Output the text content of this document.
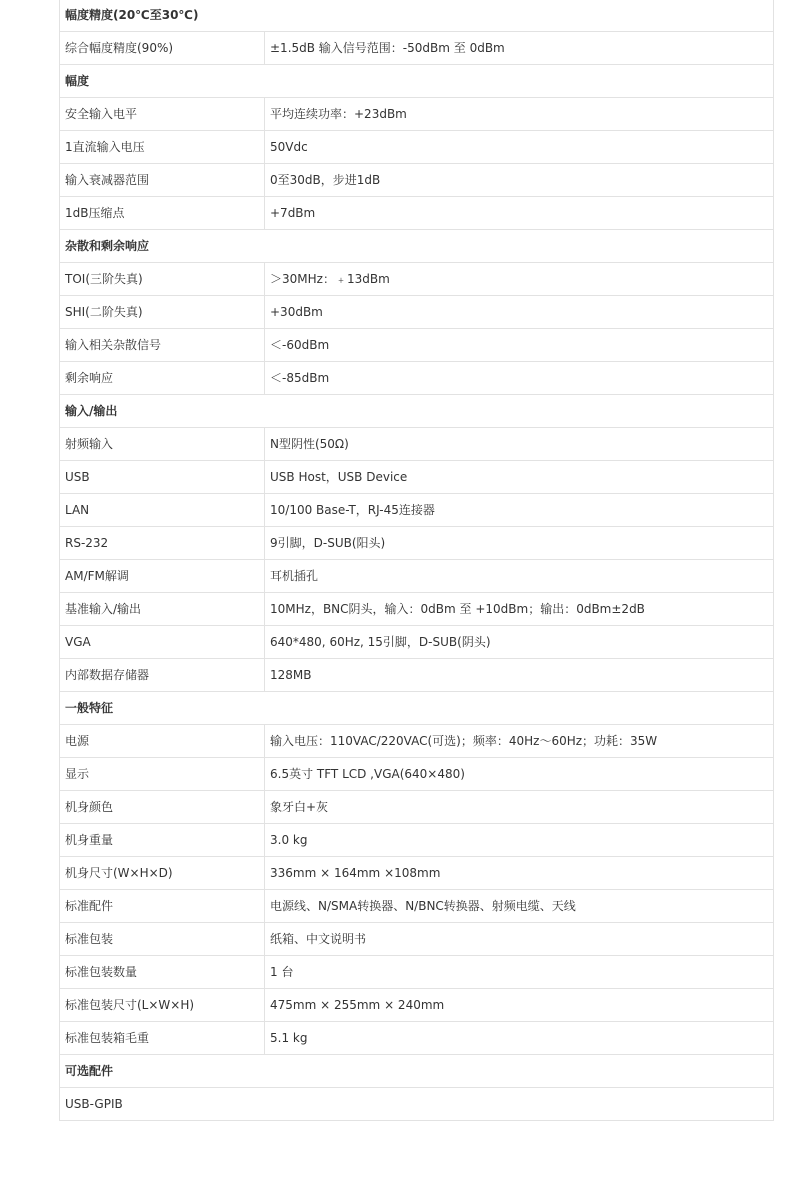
幅度精度(20℃至30℃)	
综合幅度精度(90%)	±1.5dB 输入信号范围：-50dBm 至 0dBm
幅度	
安全输入电平	平均连续功率：+23dBm
1直流输入电压	50Vdc
输入衰减器范围	0至30dB，步进1dB
1dB压缩点	+7dBm
杂散和剩余响应	
TOI(三阶失真)	＞30MHz：﹢13dBm
SHI(二阶失真)	+30dBm
输入相关杂散信号	＜-60dBm
剩余响应	＜-85dBm
输入/输出	
射频输入	N型阴性(50Ω)
USB	USB Host，USB Device
LAN	10/100 Base-T，RJ-45连接器
RS-232	9引脚，D-SUB(阳头)
AM/FM解调	耳机插孔
基准输入/输出	10MHz，BNC阴头，输入：0dBm 至 +10dBm；输出：0dBm±2dB
VGA	640*480, 60Hz, 15引脚，D-SUB(阴头)
内部数据存储器	128MB
一般特征	
电源	输入电压：110VAC/220VAC(可选)；频率：40Hz～60Hz；功耗：35W
显示	6.5英寸 TFT LCD ,VGA(640×480)
机身颜色	象牙白+灰
机身重量	3.0 kg
机身尺寸(W×H×D)	336mm × 164mm ×108mm
标准配件	电源线、N/SMA转换器、N/BNC转换器、射频电缆、天线
标准包装	纸箱、中文说明书
标准包装数量	1 台
标准包装尺寸(L×W×H)	475mm × 255mm × 240mm
标准包装箱毛重	5.1 kg
可选配件	
USB-GPIB	
